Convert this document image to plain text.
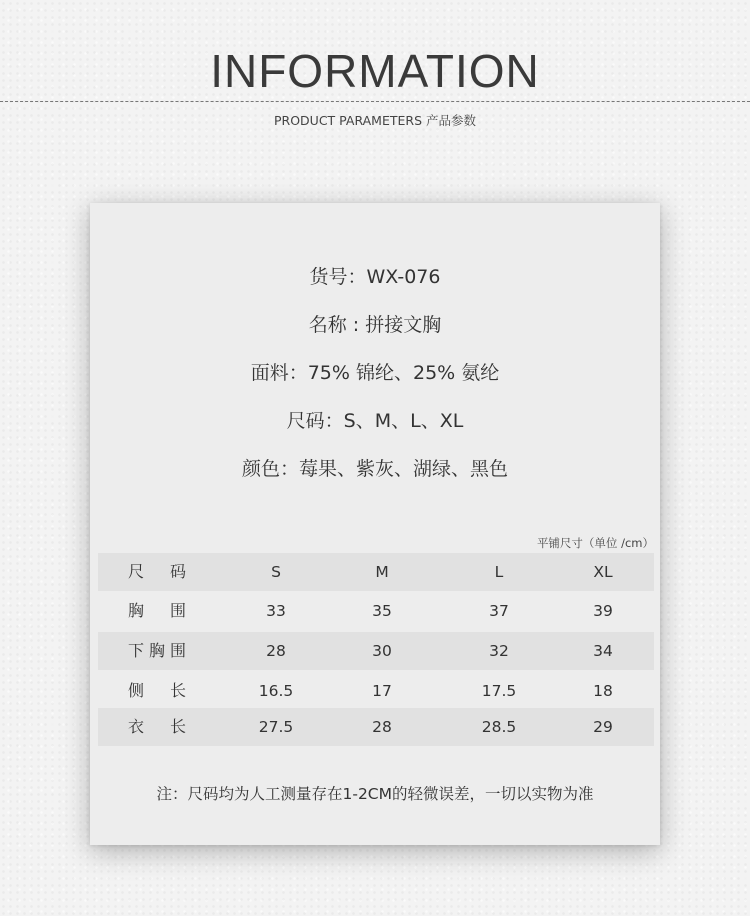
INFORMATION
PRODUCT PARAMETERS 产品参数
货号：WX-076
名称 : 拼接文胸
面料：75% 锦纶、25% 氨纶
尺码：S、M、L、XL
颜色：莓果、紫灰、湖绿、黑色
平铺尺寸（单位 /cm）
尺 码	S	M	L	XL
胸 围	33	35	37	39
下 胸 围	28	30	32	34
侧 长	16.5	17	17.5	18
衣 长	27.5	28	28.5	29
注：尺码均为人工测量存在1-2CM的轻微误差，一切以实物为准
